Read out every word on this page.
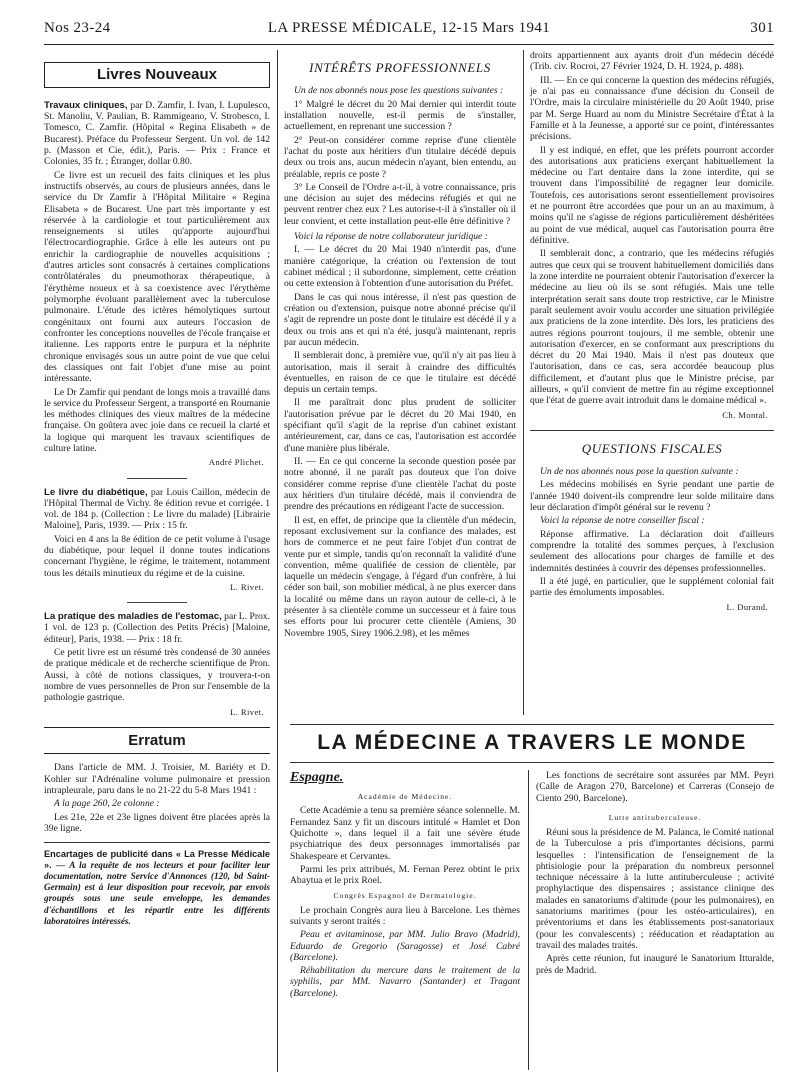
Nos 23-24	LA PRESSE MÉDICALE, 12-15 Mars 1941	301
Livres Nouveaux

Travaux cliniques, par D. Zamfir, I. Ivan, I. Lupulesco, St. Manoliu, V. Paulian, B. Rammigeano, V. Strobesco, I. Tomesco, C. Zamfir. (Hôpital « Regina Elisabeth » de Bucarest). Préface du Professeur Sergent. Un vol. de 142 p. (Masson et Cie, édit.), Paris. — Prix : France et Colonies, 35 fr. ; Étranger, dollar 0.80.

Ce livre est un recueil des faits cliniques et les plus instructifs observés, au cours de plusieurs années, dans le service du Dr Zamfir à l'Hôpital Militaire « Regina Elisabeta » de Bucarest. Une part très importante y est réservée à la cardiologie et tout particulièrement aux renseignements si utiles qu'apporte aujourd'hui l'électrocardiographie. Grâce à elle les auteurs ont pu enrichir la cardiographie de nouvelles acquisitions ; d'autres articles sont consacrés à certaines complications contrôlatérales du pneumothorax thérapeutique, à l'érythème noueux et à sa coexistence avec l'érythème polymorphe évoluant parallèlement avec la tuberculose pulmonaire. L'étude des ictères hémolytiques surtout congénitaux ont fourni aux auteurs l'occasion de confronter les conceptions nouvelles de l'école française et italienne. Les rapports entre le purpura et la néphrite chronique envisagés sous un autre point de vue que celui des classiques ont fait l'objet d'une mise au point intéressante.

Le Dr Zamfir qui pendant de longs mois a travaillé dans le service du Professeur Sergent, a transporté en Roumanie les méthodes cliniques des vieux maîtres de la médecine française. On goûtera avec joie dans ce recueil la clarté et la logique qui marquent les travaux scientifiques de culture latine.

André Plichet.

Le livre du diabétique, par Louis Caillon, médecin de l'Hôpital Thermal de Vichy. 8e édition revue et corrigée. 1 vol. de 184 p. (Collection : Le livre du malade) [Librairie Maloine], Paris, 1939. — Prix : 15 fr.

Voici en 4 ans la 8e édition de ce petit volume à l'usage du diabétique, pour lequel il donne toutes indications concernant l'hygiène, le régime, le traitement, notamment tous les détails minutieux du régime et de la cuisine.

L. Rivet.

La pratique des maladies de l'estomac, par L. Prox. 1 vol. de 123 p. (Collection des Petits Précis) [Maloine, éditeur], Paris, 1938. — Prix : 18 fr.

Ce petit livre est un résumé très condensé de 30 années de pratique médicale et de recherche scientifique de Pron. Aussi, à côté de notions classiques, y trouvera-t-on nombre de vues personnelles de Pron sur l'ensemble de la pathologie gastrique.

L. Rivet.
Erratum

Dans l'article de MM. J. Troisier, M. Bariéty et D. Kohler sur l'Adrénaline volume pulmonaire et pression intrapleurale, paru dans le no 21-22 du 5-8 Mars 1941 :

A la page 260, 2e colonne :

Les 21e, 22e et 23e lignes doivent être placées après la 39e ligne.

Encartages de publicité dans « La Presse Médicale ». — A la requête de nos lecteurs et pour faciliter leur documentation, notre Service d'Annonces (120, bd Saint-Germain) est à leur disposition pour recevoir, par envois groupés sous une seule enveloppe, les demandes d'échantillons et les répartir entre les différents laboratoires intéressés.

INTÉRÊTS PROFESSIONNELS

Un de nos abonnés nous pose les questions suivantes :

1° Malgré le décret du 20 Mai dernier qui interdit toute installation nouvelle, est-il permis de s'installer, actuellement, en reprenant une succession ?

2° Peut-on considérer comme reprise d'une clientèle l'achat du poste aux héritiers d'un titulaire décédé depuis deux ou trois ans, aucun médecin n'ayant, bien entendu, au préalable, repris ce poste ?

3° Le Conseil de l'Ordre a-t-il, à votre connaissance, pris une décision au sujet des médecins réfugiés et qui ne peuvent rentrer chez eux ? Les autorise-t-il à s'installer où il leur convient, et cette installation peut-elle être définitive ?

Voici la réponse de notre collaborateur juridique :

I. — Le décret du 20 Mai 1940 n'interdit pas, d'une manière catégorique, la création ou l'extension de tout cabinet médical ; il subordonne, simplement, cette création ou cette extension à l'obtention d'une autorisation du Préfet.

Dans le cas qui nous intéresse, il n'est pas question de création ou d'extension, puisque notre abonné précise qu'il s'agit de reprendre un poste dont le titulaire est décédé il y a deux ou trois ans et qui n'a été, jusqu'à maintenant, repris par aucun médecin.

Il semblerait donc, à première vue, qu'il n'y ait pas lieu à autorisation, mais il serait à craindre des difficultés éventuelles, en raison de ce que le titulaire est décédé depuis un certain temps.

Il me paraîtrait donc plus prudent de solliciter l'autorisation prévue par le décret du 20 Mai 1940, en spécifiant qu'il s'agit de la reprise d'un cabinet existant antérieurement, car, dans ce cas, l'autorisation est accordée d'une manière plus libérale.

II. — En ce qui concerne la seconde question posée par notre abonné, il ne paraît pas douteux que l'on doive considérer comme reprise d'une clientèle l'achat du poste aux héritiers d'un titulaire décédé, mais il conviendra de prendre des précautions en rédigeant l'acte de succession.

Il est, en effet, de principe que la clientèle d'un médecin, reposant exclusivement sur la confiance des malades, est hors de commerce et ne peut faire l'objet d'un contrat de vente pur et simple, tandis qu'on reconnaît la validité d'une convention, même qualifiée de cession de clientèle, par laquelle un médecin s'engage, à l'égard d'un confrère, à lui céder son bail, son mobilier médical, à ne plus exercer dans la localité ou même dans un rayon autour de celle-ci, à le présenter à sa clientèle comme un successeur et à faire tous ses efforts pour lui procurer cette clientèle (Amiens, 30 Novembre 1905, Sirey 1906.2.98), et les mêmes

droits appartiennent aux ayants droit d'un médecin décédé (Trib. civ. Rocroi, 27 Février 1924, D. H. 1924, p. 488).

III. — En ce qui concerne la question des médecins réfugiés, je n'ai pas eu connaissance d'une décision du Conseil de l'Ordre, mais la circulaire ministérielle du 20 Août 1940, prise par M. Serge Huard au nom du Ministre Secrétaire d'État à la Famille et à la Jeunesse, a apporté sur ce point, d'intéressantes précisions.

Il y est indiqué, en effet, que les préfets pourront accorder des autorisations aux praticiens exerçant habituellement la médecine ou l'art dentaire dans la zone interdite, qui se trouvent dans l'impossibilité de regagner leur domicile. Toutefois, ces autorisations seront essentiellement provisoires et ne pourront être accordées que pour un an au maximum, à moins qu'il ne s'agisse de régions particulièrement déshéritées au point de vue médical, auquel cas l'autorisation pourra être définitive.

Il semblerait donc, a contrario, que les médecins réfugiés autres que ceux qui se trouvent habituellement domiciliés dans la zone interdite ne pourraient obtenir l'autorisation d'exercer la médecine au lieu où ils se sont réfugiés. Mais une telle interprétation serait sans doute trop restrictive, car le Ministre paraît seulement avoir voulu accorder une situation privilégiée aux praticiens de la zone interdite. Dès lors, les praticiens des autres régions pourront toujours, il me semble, obtenir une autorisation d'exercer, en se conformant aux prescriptions du décret du 20 Mai 1940. Mais il n'est pas douteux que l'autorisation, dans ce cas, sera accordée beaucoup plus difficilement, et d'autant plus que le Ministre précise, par ailleurs, « qu'il convient de mettre fin au régime exceptionnel que l'état de guerre avait introduit dans le domaine médical ».

Ch. Montal.
QUESTIONS FISCALES

Un de nos abonnés nous pose la question suivante :

Les médecins mobilisés en Syrie pendant une partie de l'année 1940 doivent-ils comprendre leur solde militaire dans leur déclaration d'impôt général sur le revenu ?

Voici la réponse de notre conseiller fiscal :

Réponse affirmative. La déclaration doit d'ailleurs comprendre la totalité des sommes perçues, à l'exclusion seulement des allocations pour charges de famille et des indemnités destinées à couvrir des dépenses professionnelles.

Il a été jugé, en particulier, que le supplément colonial fait partie des émoluments imposables.

L. Durand.
LA MÉDECINE A TRAVERS LE MONDE
Espagne.
Académie de Médecine.

Cette Académie a tenu sa première séance solennelle. M. Fernandez Sanz y fit un discours intitulé « Hamlet et Don Quichotte », dans lequel il a fait une sévère étude psychiatrique des deux personnages immortalisés par Shakespeare et Cervantes.

Parmi les prix attribués, M. Fernan Perez obtint le prix Abaytua et le prix Roel.

Congrès Espagnol de Dermatologie.

Le prochain Congrès aura lieu à Barcelone. Les thèmes suivants y seront traités :

Peau et avitaminose, par MM. Julio Bravo (Madrid), Eduardo de Gregorio (Saragosse) et José Cabré (Barcelone).

Réhabilitation du mercure dans le traitement de la syphilis, par MM. Navarro (Santander) et Tragant (Barcelone).

Les fonctions de secrétaire sont assurées par MM. Peyri (Calle de Aragon 270, Barcelone) et Carreras (Consejo de Ciento 290, Barcelone).

Lutte antituberculeuse.

Réuni sous la présidence de M. Palanca, le Comité national de la Tuberculose a pris d'importantes décisions, parmi lesquelles : l'intensification de l'enseignement de la phtisiologie pour la préparation du nombreux personnel technique nécessaire à la lutte antituberculeuse ; activité prophylactique des dispensaires ; assistance clinique des malades en sanatoriums d'altitude (pour les pulmonaires), en sanatoriums maritimes (pour les ostéo-articulaires), en préventoriums et dans les établissements post-sanatoriaux (pour les convalescents) ; rééducation et réadaptation au travail des malades traités.

Après cette réunion, fut inauguré le Sanatorium Itturalde, près de Madrid.
